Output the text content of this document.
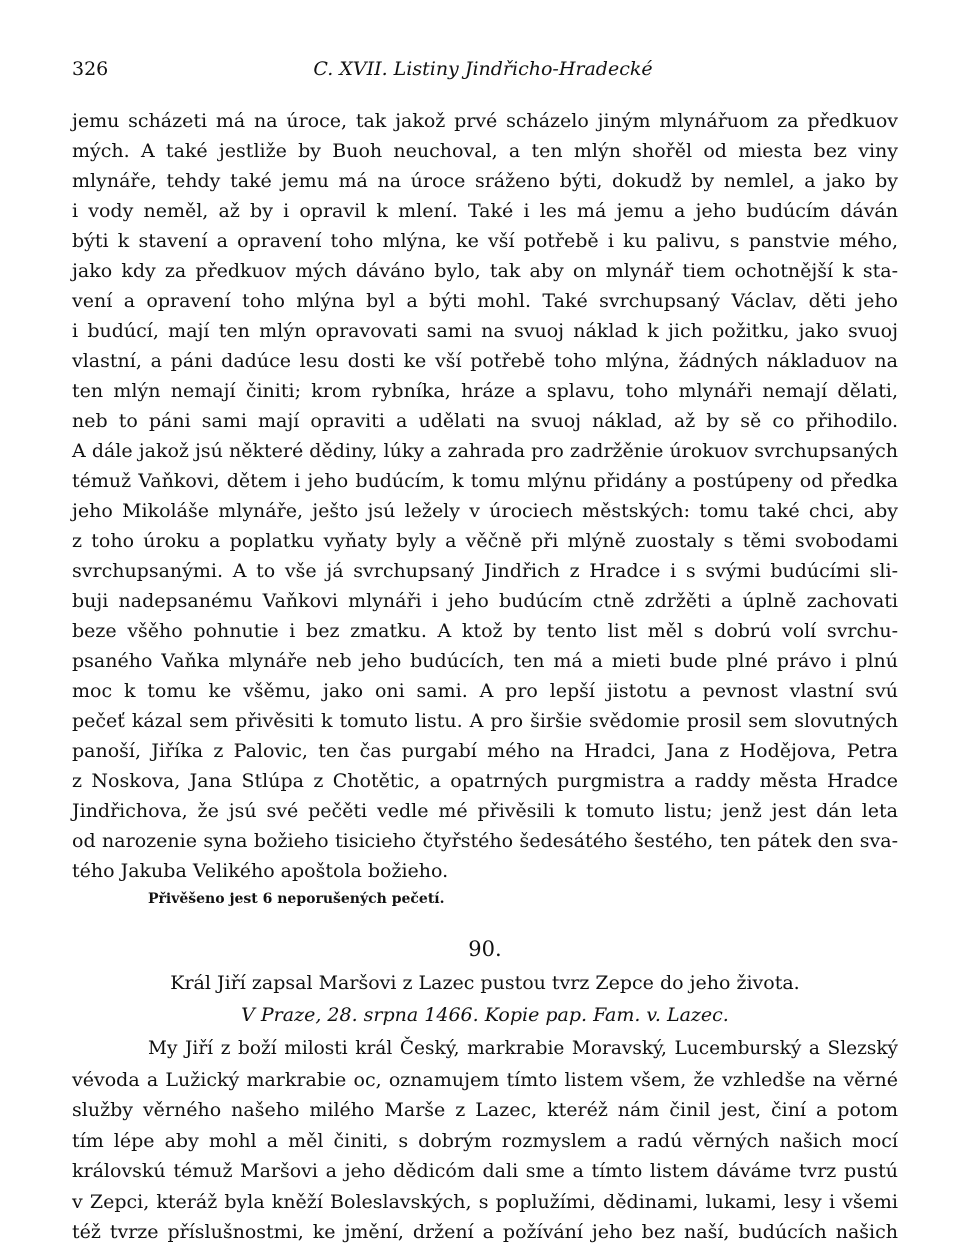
326	C. XVII. Listiny Jindřicho-Hradecké
jemu scházeti má na úroce, tak jakož prvé scházelo jiným mlynářuom za předkuov
mých. A také jestliže by Buoh neuchoval, a ten mlýn shořěl od miesta bez viny
mlynáře, tehdy také jemu má na úroce sráženo býti, dokudž by nemlel, a jako by
i vody neměl, až by i opravil k mlení. Také i les má jemu a jeho budúcím dáván
býti k stavení a opravení toho mlýna, ke vší potřebě i ku palivu, s panstvie mého,
jako kdy za předkuov mých dáváno bylo, tak aby on mlynář tiem ochotnější k sta-
vení a opravení toho mlýna byl a býti mohl. Také svrchupsaný Václav, děti jeho
i budúcí, mají ten mlýn opravovati sami na svuoj náklad k jich požitku, jako svuoj
vlastní, a páni dadúce lesu dosti ke vší potřebě toho mlýna, žádných nákladuov na
ten mlýn nemají činiti; krom rybníka, hráze a splavu, toho mlynáři nemají dělati,
neb to páni sami mají opraviti a udělati na svuoj náklad, až by sě co přihodilo.
A dále jakož jsú některé dědiny, lúky a zahrada pro zadržěnie úrokuov svrchupsaných
témuž Vaňkovi, dětem i jeho budúcím, k tomu mlýnu přidány a postúpeny od předka
jeho Mikoláše mlynáře, ješto jsú ležely v úrociech městských: tomu také chci, aby
z toho úroku a poplatku vyňaty byly a věčně při mlýně zuostaly s těmi svobodami
svrchupsanými. A to vše já svrchupsaný Jindřich z Hradce i s svými budúcími sli-
buji nadepsanému Vaňkovi mlynáři i jeho budúcím ctně zdržěti a úplně zachovati
beze všěho pohnutie i bez zmatku. A ktož by tento list měl s dobrú volí svrchu-
psaného Vaňka mlynáře neb jeho budúcích, ten má a mieti bude plné právo i plnú
moc k tomu ke všěmu, jako oni sami. A pro lepší jistotu a pevnost vlastní svú
pečeť kázal sem přivěsiti k tomuto listu. A pro širšie svědomie prosil sem slovutných
panoší, Jiříka z Palovic, ten čas purgabí mého na Hradci, Jana z Hodějova, Petra
z Noskova, Jana Stlúpa z Chotětic, a opatrných purgmistra a raddy města Hradce
Jindřichova, že jsú své pečěti vedle mé přivěsili k tomuto listu; jenž jest dán leta
od narozenie syna božieho tisicieho čtyřstého šedesátého šestého, ten pátek den sva-
tého Jakuba Velikého apoštola božieho.
Přivěšeno jest 6 neporušených pečetí.
90.
Král Jiří zapsal Maršovi z Lazec pustou tvrz Zepce do jeho života.
V Praze, 28. srpna 1466. Kopie pap. Fam. v. Lazec.
My Jiří z boží milosti král Český, markrabie Moravský, Lucemburský a Slezský
vévoda a Lužický markrabie oc, oznamujem tímto listem všem, že vzhledše na věrné
služby věrného našeho milého Marše z Lazec, kteréž nám činil jest, činí a potom
tím lépe aby mohl a měl činiti, s dobrým rozmyslem a radú věrných našich mocí
královskú témuž Maršovi a jeho dědicóm dali sme a tímto listem dáváme tvrz pustú
v Zepci, kteráž byla kněží Boleslavských, s poplužími, dědinami, lukami, lesy i všemi
též tvrze příslušnostmi, ke jmění, držení a požívání jeho bez naší, budúcích našich
